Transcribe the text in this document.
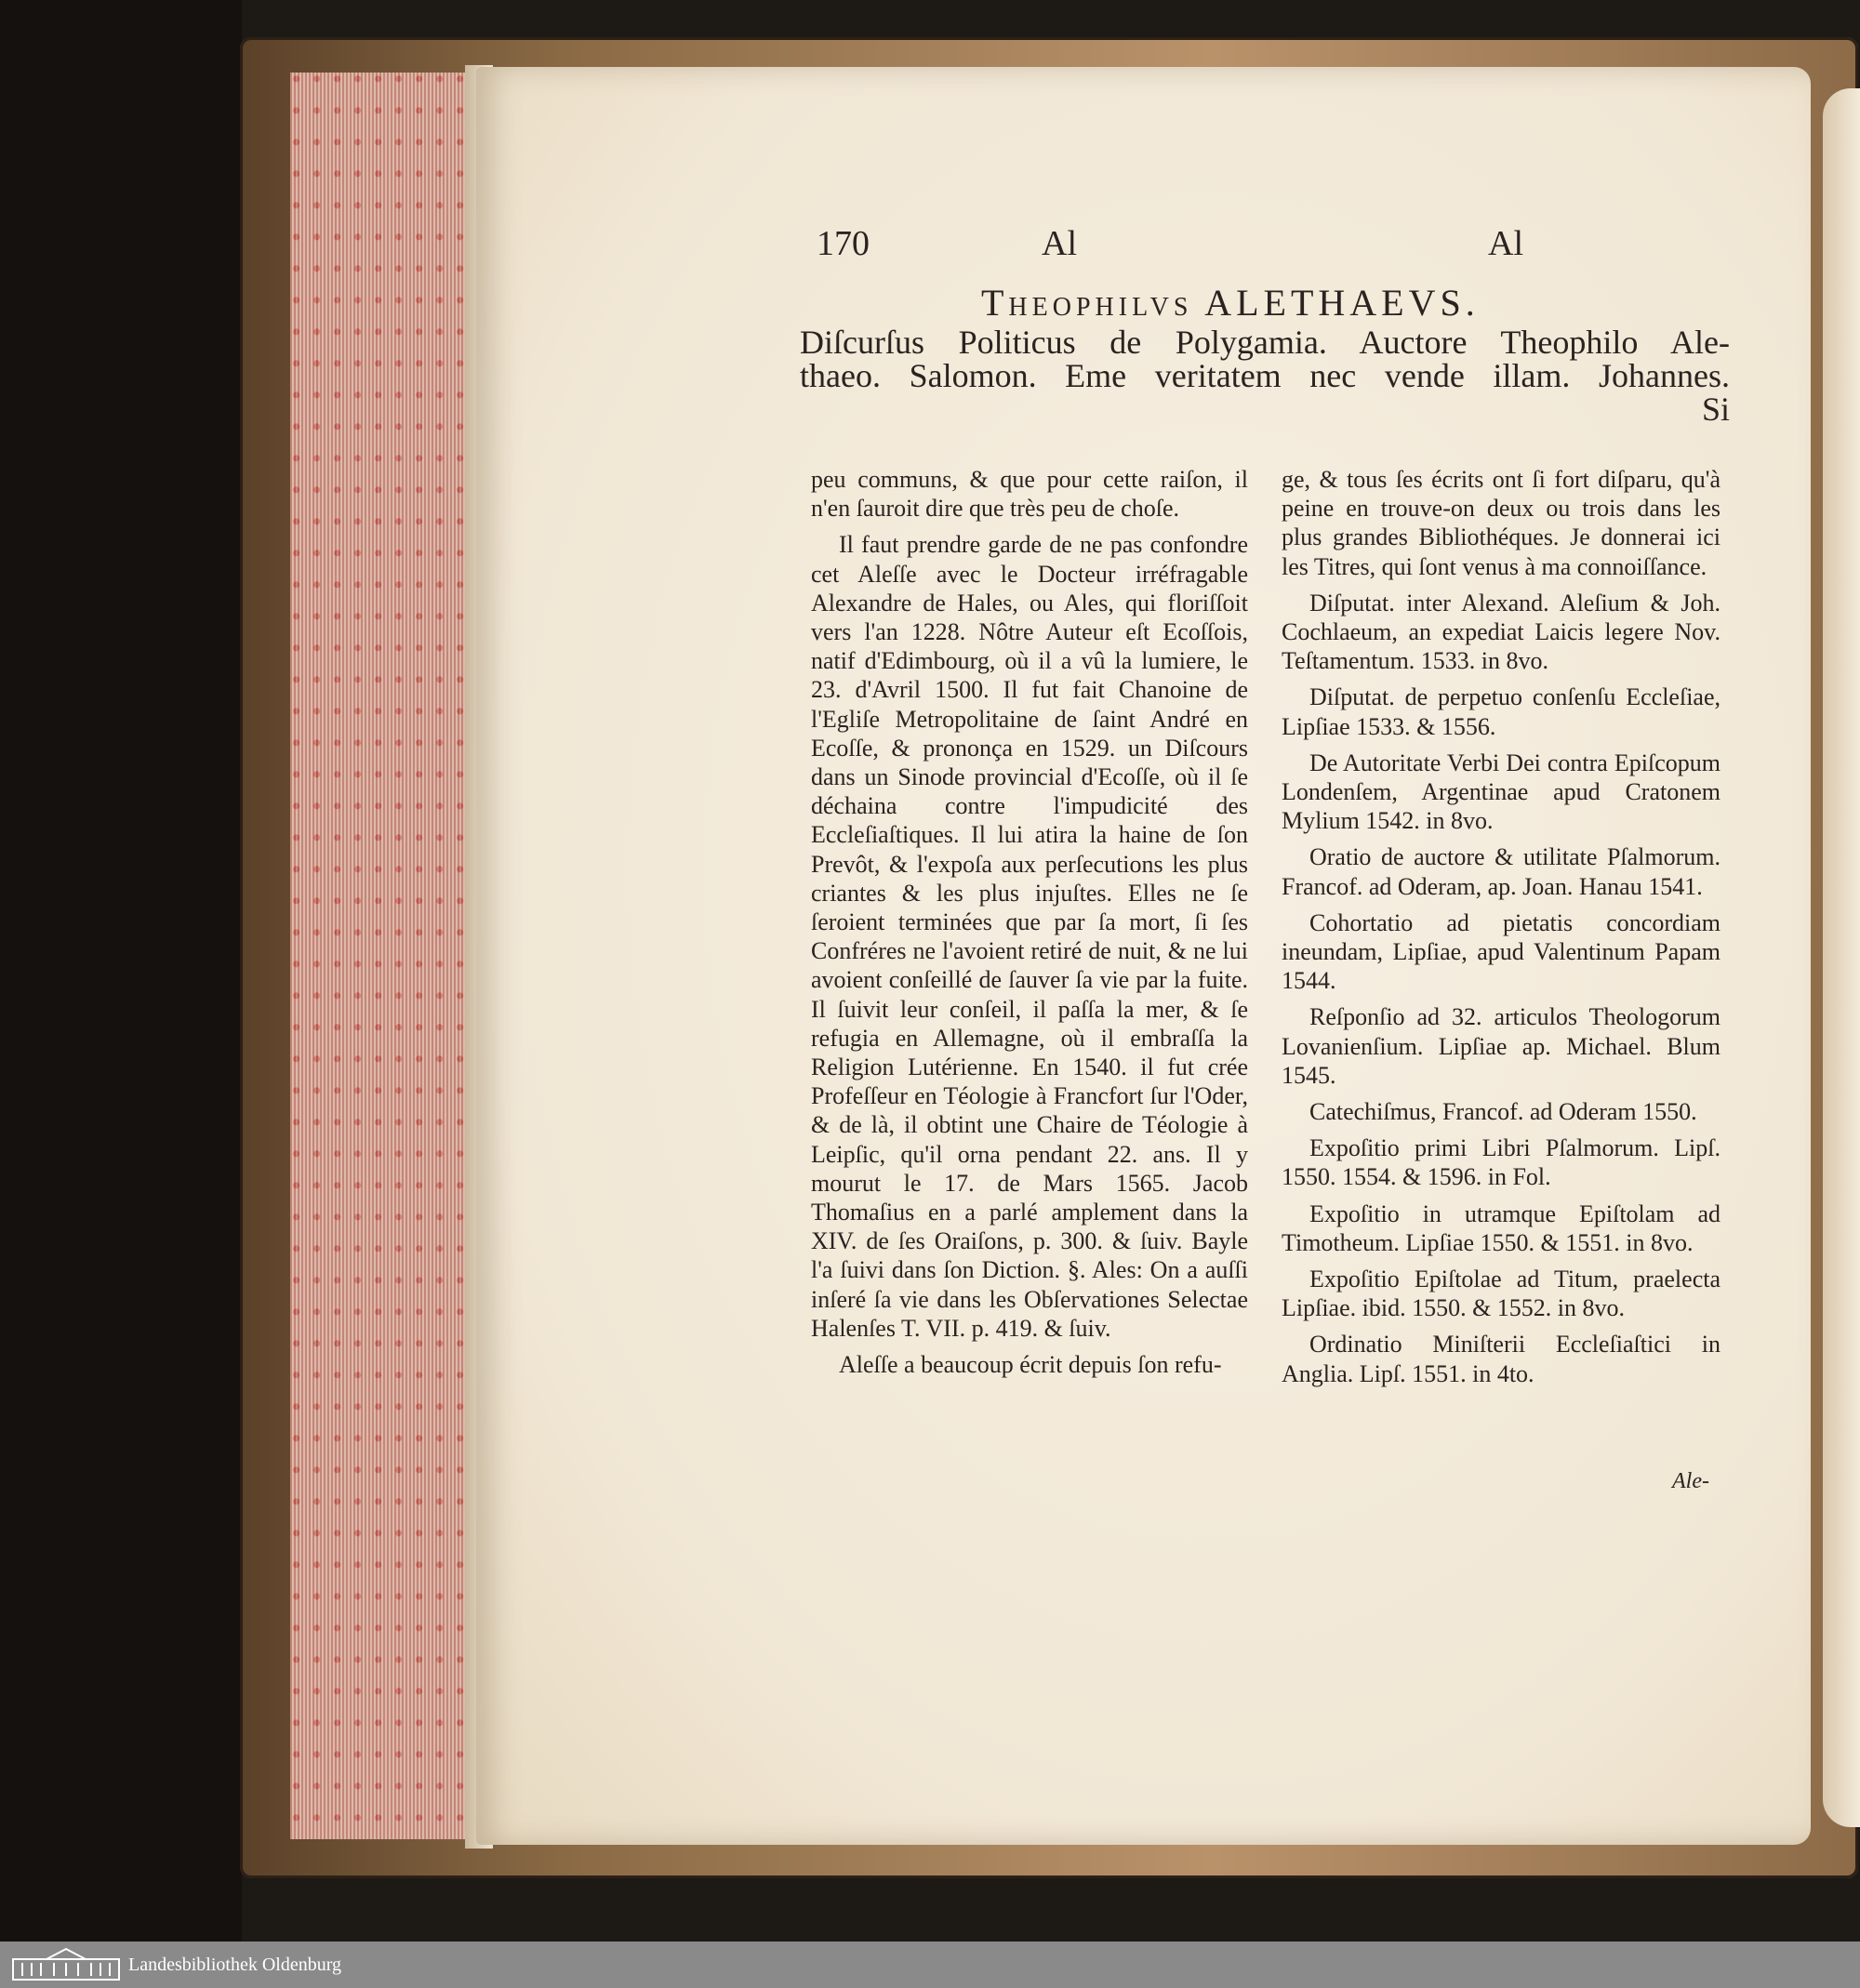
170	Al	Al
Theophilvs ALETHAEVS.
Diſcurſus Politicus de Polygamia. Auctore Theophilo Ale-
thaeo. Salomon. Eme veritatem nec vende illam. Johannes.
Si

peu communs, & que pour cette raiſon, il n'en ſauroit dire que très peu de choſe.

Il faut prendre garde de ne pas confondre cet Aleſſe avec le Docteur irréfragable Alexandre de Hales, ou Ales, qui floriſſoit vers l'an 1228. Nôtre Auteur eſt Ecoſſois, natif d'Edimbourg, où il a vû la lumiere, le 23. d'Avril 1500. Il fut fait Chanoine de l'Egliſe Metropolitaine de ſaint André en Ecoſſe, & prononça en 1529. un Diſcours dans un Sinode provincial d'Ecoſſe, où il ſe déchaina contre l'impudicité des Eccleſiaſtiques. Il lui atira la haine de ſon Prevôt, & l'expoſa aux perſecutions les plus criantes & les plus injuſtes. Elles ne ſe ſeroient terminées que par ſa mort, ſi ſes Confréres ne l'avoient retiré de nuit, & ne lui avoient conſeillé de ſauver ſa vie par la fuite. Il ſuivit leur conſeil, il paſſa la mer, & ſe refugia en Allemagne, où il embraſſa la Religion Lutérienne. En 1540. il fut crée Profeſſeur en Téologie à Francfort ſur l'Oder, & de là, il obtint une Chaire de Téologie à Leipſic, qu'il orna pendant 22. ans. Il y mourut le 17. de Mars 1565. Jacob Thomaſius en a parlé amplement dans la XIV. de ſes Oraiſons, p. 300. & ſuiv. Bayle l'a ſuivi dans ſon Diction. §. Ales: On a auſſi inſeré ſa vie dans les Obſervationes Selectae Halenſes T. VII. p. 419. & ſuiv.

Aleſſe a beaucoup écrit depuis ſon refu-

ge, & tous ſes écrits ont ſi fort diſparu, qu'à peine en trouve-on deux ou trois dans les plus grandes Bibliothéques. Je donnerai ici les Titres, qui ſont venus à ma connoiſſance.

Diſputat. inter Alexand. Aleſium & Joh. Cochlaeum, an expediat Laicis legere Nov. Teſtamentum. 1533. in 8vo.

Diſputat. de perpetuo conſenſu Eccleſiae, Lipſiae 1533. & 1556.

De Autoritate Verbi Dei contra Epiſcopum Londenſem, Argentinae apud Cratonem Mylium 1542. in 8vo.

Oratio de auctore & utilitate Pſalmorum. Francof. ad Oderam, ap. Joan. Hanau 1541.

Cohortatio ad pietatis concordiam ineundam, Lipſiae, apud Valentinum Papam 1544.

Reſponſio ad 32. articulos Theologorum Lovanienſium. Lipſiae ap. Michael. Blum 1545.

Catechiſmus, Francof. ad Oderam 1550.

Expoſitio primi Libri Pſalmorum. Lipſ. 1550. 1554. & 1596. in Fol.

Expoſitio in utramque Epiſtolam ad Timotheum. Lipſiae 1550. & 1551. in 8vo.

Expoſitio Epiſtolae ad Titum, praelecta Lipſiae. ibid. 1550. & 1552. in 8vo.

Ordinatio Miniſterii Eccleſiaſtici in Anglia. Lipſ. 1551. in 4to.

Ale-
Landesbibliothek Oldenburg
